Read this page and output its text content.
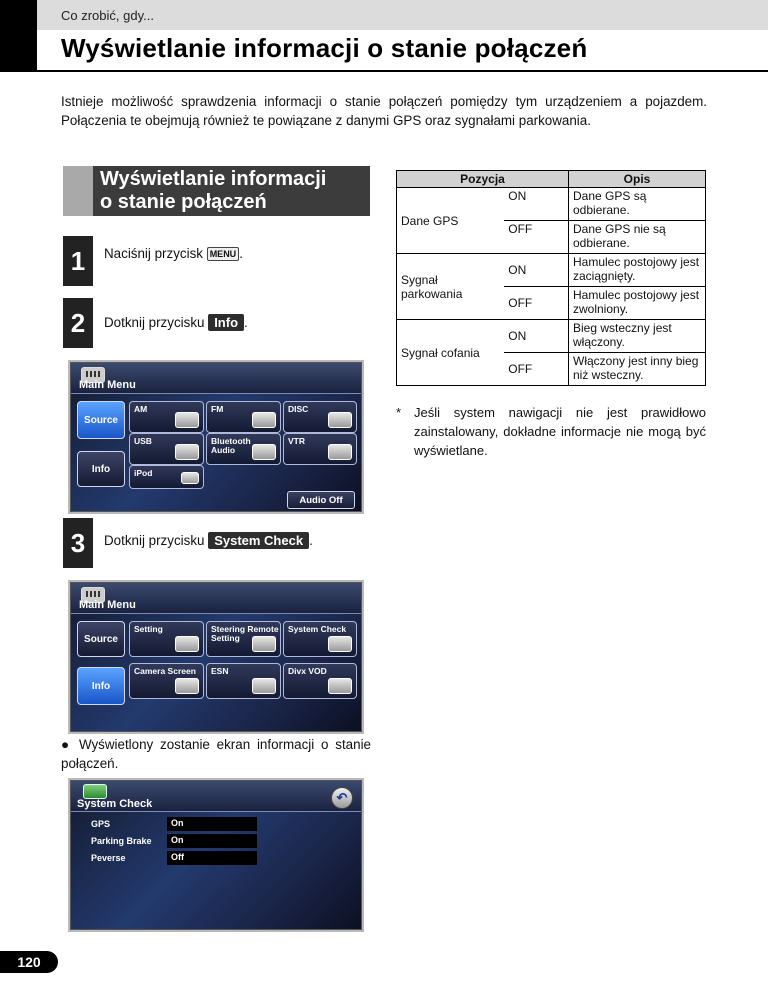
Co zrobić, gdy...
Wyświetlanie informacji o stanie połączeń
Istnieje możliwość sprawdzenia informacji o stanie połączeń pomiędzy tym urządzeniem a pojazdem. Połączenia te obejmują również te powiązane z danymi GPS oraz sygnałami parkowania.
Wyświetlanie informacji
o stanie połączeń
1	Naciśnij przycisk MENU .
2	Dotknij przycisku Info .
Main Menu
Source
Info
AM	FM	DISC
USB	Bluetooth
Audio
VTR
iPod
Audio Off
3	Dotknij przycisku System Check .
Main Menu
Source
Info
Setting	Steering Remote
Setting
System Check
Camera Screen ESN	Divx VOD
● Wyświetlony zostanie ekran informacji o stanie połączeń.
System Check	↶
GPS	On
Parking Brake	On
Peverse	Off
Pozycja		Opis
Dane GPS	ON	Dane GPS są odbierane.
	OFF	Dane GPS nie są odbierane.
Sygnał parkowania	ON	Hamulec postojowy jest zaciągnięty.
	OFF	Hamulec postojowy jest zwolniony.
Sygnał cofania	ON	Bieg wsteczny jest włączony.
	OFF	Włączony jest inny bieg niż wsteczny.
* Jeśli system nawigacji nie jest prawidłowo zainstalowany, dokładne informacje nie mogą być wyświetlane.
120
